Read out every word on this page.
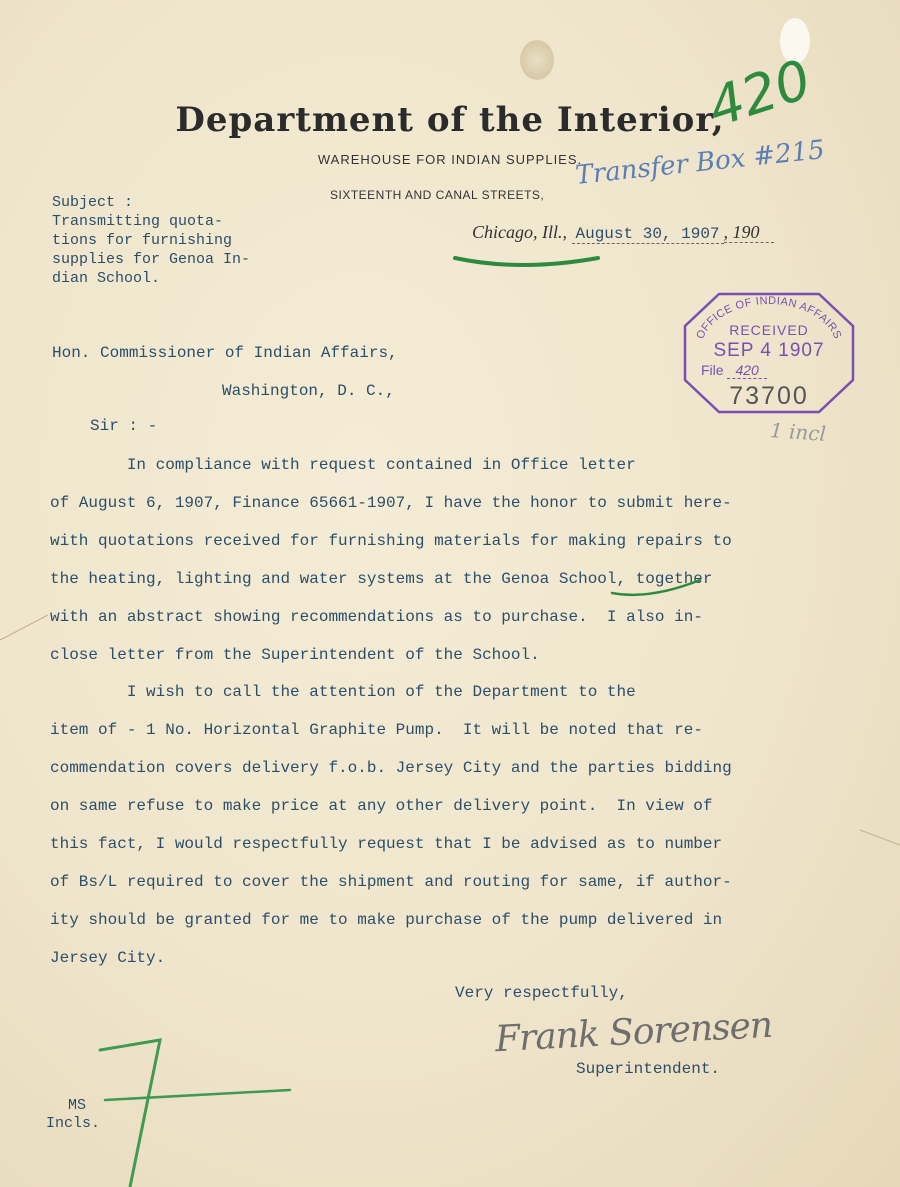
Department of the Interior,
WAREHOUSE FOR INDIAN SUPPLIES.
SIXTEENTH AND CANAL STREETS,
Subject :
Transmitting quota-
tions for furnishing
supplies for Genoa In-
dian School.
Chicago, Ill., August 30, 1907 , 190
420
Transfer Box #215
OFFICE OF INDIAN AFFAIRS
RECEIVED
SEP 4 1907
File 420
73700
1 incl
Hon. Commissioner of Indian Affairs,
Washington, D. C.,
Sir : -
In compliance with request contained in Office letter
of August 6, 1907, Finance 65661-1907, I have the honor to submit here-
with quotations received for furnishing materials for making repairs to
the heating, lighting and water systems at the Genoa School, together
with an abstract showing recommendations as to purchase.  I also in-
close letter from the Superintendent of the School.
I wish to call the attention of the Department to the
item of - 1 No. Horizontal Graphite Pump.  It will be noted that re-
commendation covers delivery f.o.b. Jersey City and the parties bidding
on same refuse to make price at any other delivery point.  In view of
this fact, I would respectfully request that I be advised as to number
of Bs/L required to cover the shipment and routing for same, if author-
ity should be granted for me to make purchase of the pump delivered in
Jersey City.
Very respectfully,
Frank Sorensen
Superintendent.
MS
Incls.
